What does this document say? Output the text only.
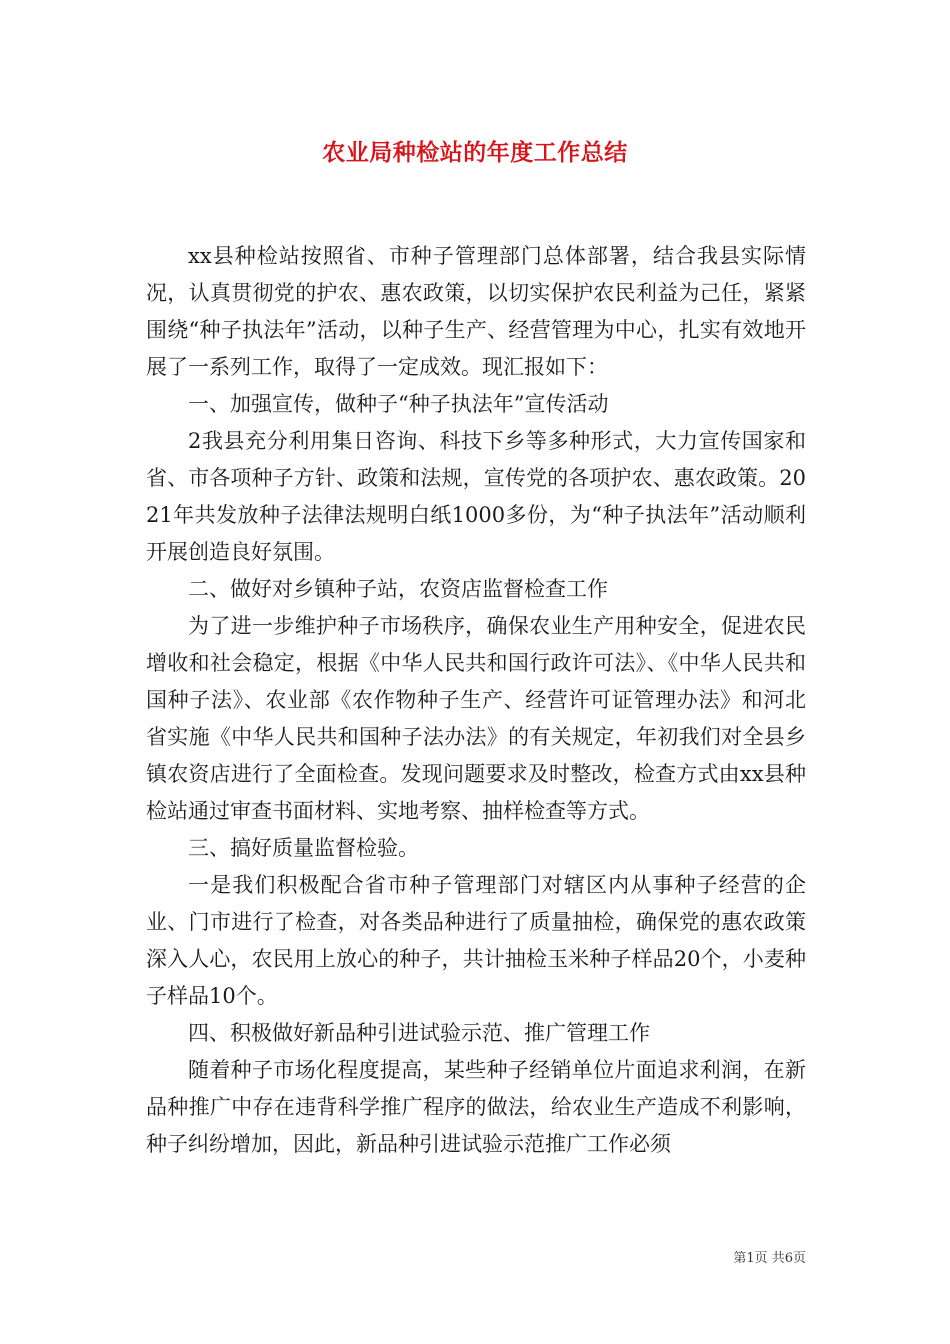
农业局种检站的年度工作总结

xx县种检站按照省、市种子管理部门总体部署，结合我县实际情况，认真贯彻党的护农、惠农政策，以切实保护农民利益为己任，紧紧围绕“种子执法年”活动，以种子生产、经营管理为中心，扎实有效地开展了一系列工作，取得了一定成效。现汇报如下：

一、加强宣传，做种子“种子执法年”宣传活动

2我县充分利用集日咨询、科技下乡等多种形式，大力宣传国家和省、市各项种子方针、政策和法规，宣传党的各项护农、惠农政策。2021年共发放种子法律法规明白纸1000多份，为“种子执法年”活动顺利开展创造良好氛围。

二、做好对乡镇种子站，农资店监督检查工作

为了进一步维护种子市场秩序，确保农业生产用种安全，促进农民增收和社会稳定，根据《中华人民共和国行政许可法》、《中华人民共和国种子法》、农业部《农作物种子生产、经营许可证管理办法》和河北省实施《中华人民共和国种子法办法》的有关规定，年初我们对全县乡镇农资店进行了全面检查。发现问题要求及时整改，检查方式由xx县种检站通过审查书面材料、实地考察、抽样检查等方式。

三、搞好质量监督检验。

一是我们积极配合省市种子管理部门对辖区内从事种子经营的企业、门市进行了检查，对各类品种进行了质量抽检，确保党的惠农政策深入人心，农民用上放心的种子，共计抽检玉米种子样品20个，小麦种子样品10个。

四、积极做好新品种引进试验示范、推广管理工作

随着种子市场化程度提高，某些种子经销单位片面追求利润，在新品种推广中存在违背科学推广程序的做法，给农业生产造成不利影响，种子纠纷增加，因此，新品种引进试验示范推广工作必须

第1页 共6页
